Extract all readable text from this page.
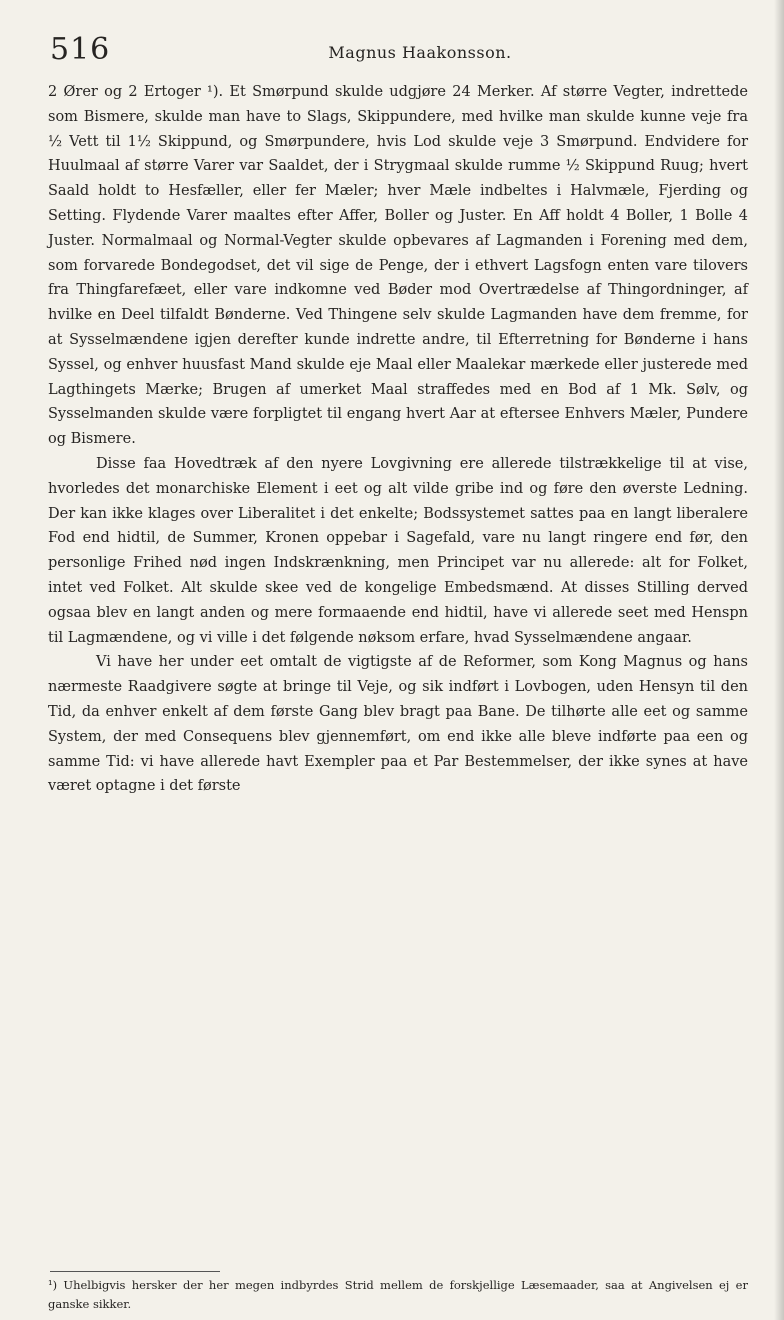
516	Magnus Haakonsson.

2 Ører og 2 Ertoger ¹). Et Smørpund skulde udgjøre 24 Merker. Af større Vegter, indrettede som Bismere, skulde man have to Slags, Skippundere, med hvilke man skulde kunne veje fra ½ Vett til 1½ Skippund, og Smørpundere, hvis Lod skulde veje 3 Smørpund. Endvidere for Huulmaal af større Varer var Saaldet, der i Strygmaal skulde rumme ½ Skippund Ruug; hvert Saald holdt to Hesfæller, eller fer Mæler; hver Mæle indbeltes i Halvmæle, Fjerding og Setting. Flydende Varer maaltes efter Affer, Boller og Juster. En Aff holdt 4 Boller, 1 Bolle 4 Juster. Normalmaal og Normal-Vegter skulde opbevares af Lagmanden i Forening med dem, som forvarede Bondegodset, det vil sige de Penge, der i ethvert Lagsfogn enten vare tilovers fra Thingfarefæet, eller vare indkomne ved Bøder mod Overtrædelse af Thingordninger, af hvilke en Deel tilfaldt Bønderne. Ved Thingene selv skulde Lagmanden have dem fremme, for at Sysselmændene igjen derefter kunde indrette andre, til Efterretning for Bønderne i hans Syssel, og enhver huusfast Mand skulde eje Maal eller Maalekar mærkede eller justerede med Lagthingets Mærke; Brugen af umerket Maal straffedes med en Bod af 1 Mk. Sølv, og Sysselmanden skulde være forpligtet til engang hvert Aar at eftersee Enhvers Mæler, Pundere og Bismere.

Disse faa Hovedtræk af den nyere Lovgivning ere allerede tilstrækkelige til at vise, hvorledes det monarchiske Element i eet og alt vilde gribe ind og føre den øverste Ledning. Der kan ikke klages over Liberalitet i det enkelte; Bodssystemet sattes paa en langt liberalere Fod end hidtil, de Summer, Kronen oppebar i Sagefald, vare nu langt ringere end før, den personlige Frihed nød ingen Indskrænkning, men Principet var nu allerede: alt for Folket, intet ved Folket. Alt skulde skee ved de kongelige Embedsmænd. At disses Stilling derved ogsaa blev en langt anden og mere formaaende end hidtil, have vi allerede seet med Henspn til Lagmændene, og vi ville i det følgende nøksom erfare, hvad Sysselmændene angaar.

Vi have her under eet omtalt de vigtigste af de Reformer, som Kong Magnus og hans nærmeste Raadgivere søgte at bringe til Veje, og sik indført i Lovbogen, uden Hensyn til den Tid, da enhver enkelt af dem første Gang blev bragt paa Bane. De tilhørte alle eet og samme System, der med Consequens blev gjennemført, om end ikke alle bleve indførte paa een og samme Tid: vi have allerede havt Exempler paa et Par Bestemmelser, der ikke synes at have været optagne i det første

¹) Uhelbigvis hersker der her megen indbyrdes Strid mellem de forskjellige Læsemaader, saa at Angivelsen ej er ganske sikker.
